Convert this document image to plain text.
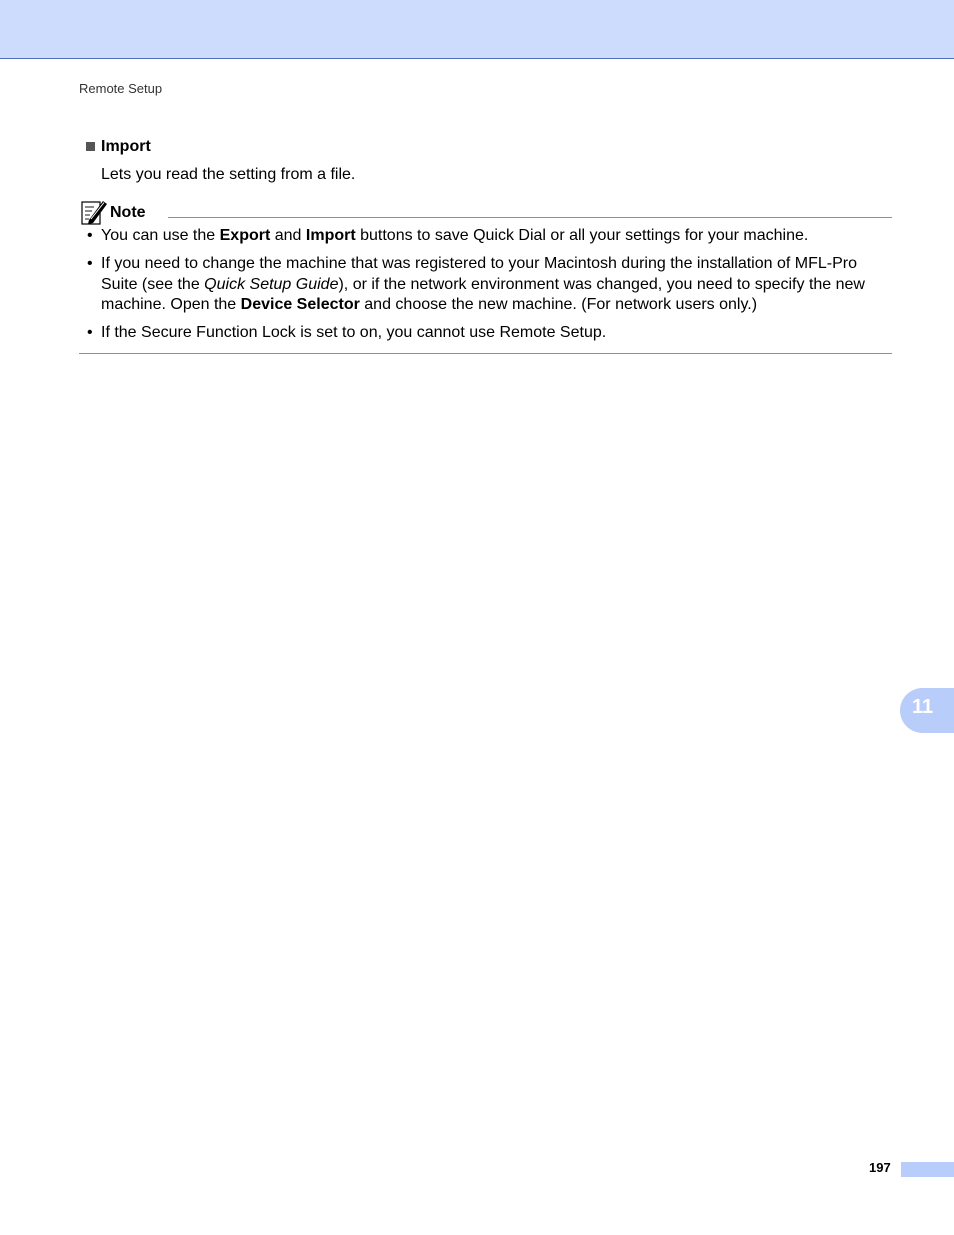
Remote Setup
Import
Lets you read the setting from a file.
Note
• You can use the Export and Import buttons to save Quick Dial or all your settings for your machine.
• If you need to change the machine that was registered to your Macintosh during the installation of MFL-Pro Suite (see the Quick Setup Guide), or if the network environment was changed, you need to specify the new machine. Open the Device Selector and choose the new machine. (For network users only.)
• If the Secure Function Lock is set to on, you cannot use Remote Setup.
11
197
